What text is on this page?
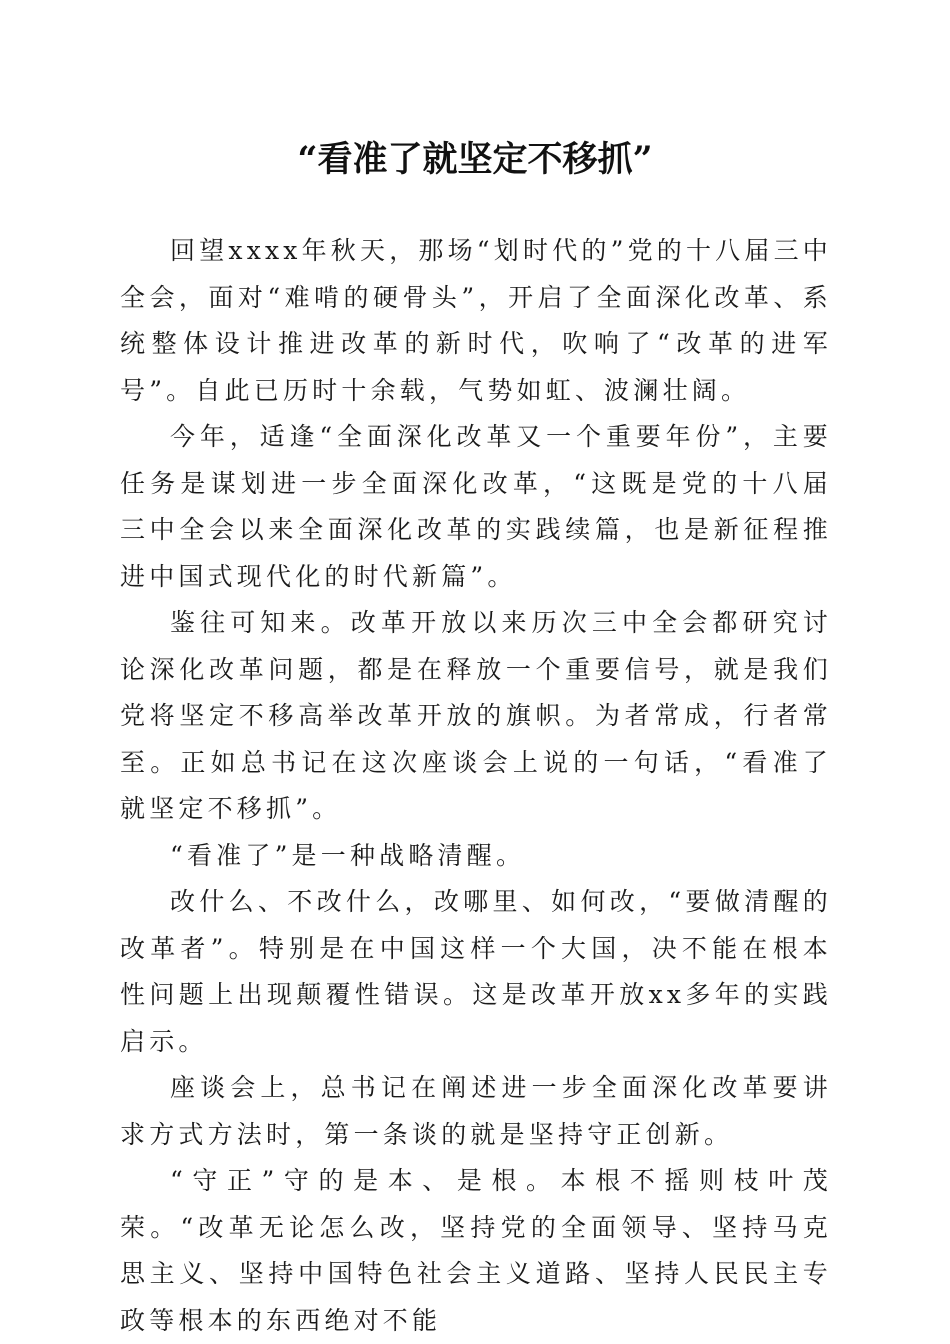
“看准了就坚定不移抓”

回望xxxx年秋天，那场“划时代的”党的十八届三中全会，面对“难啃的硬骨头”，开启了全面深化改革、系统整体设计推进改革的新时代，吹响了“改革的进军号”。自此已历时十余载，气势如虹、波澜壮阔。

今年，适逢“全面深化改革又一个重要年份”，主要任务是谋划进一步全面深化改革，“这既是党的十八届三中全会以来全面深化改革的实践续篇，也是新征程推进中国式现代化的时代新篇”。

鉴往可知来。改革开放以来历次三中全会都研究讨论深化改革问题，都是在释放一个重要信号，就是我们党将坚定不移高举改革开放的旗帜。为者常成，行者常至。正如总书记在这次座谈会上说的一句话，“看准了就坚定不移抓”。

“看准了”是一种战略清醒。

改什么、不改什么，改哪里、如何改，“要做清醒的改革者”。特别是在中国这样一个大国，决不能在根本性问题上出现颠覆性错误。这是改革开放xx多年的实践启示。

座谈会上，总书记在阐述进一步全面深化改革要讲求方式方法时，第一条谈的就是坚持守正创新。

“守正”守的是本、是根。本根不摇则枝叶茂荣。“改革无论怎么改，坚持党的全面领导、坚持马克思主义、坚持中国特色社会主义道路、坚持人民民主专政等根本的东西绝对不能
